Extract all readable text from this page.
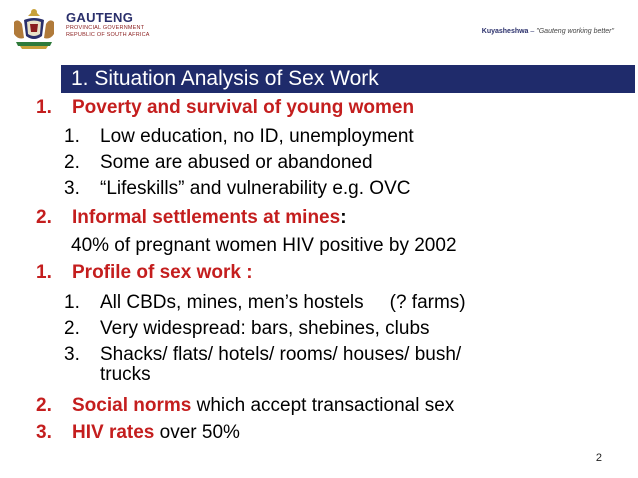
GAUTENG
PROVINCIAL GOVERNMENT
REPUBLIC OF SOUTH AFRICA	Kuyasheshwa – "Gauteng working better"
1. Situation Analysis of Sex Work
1. Poverty and survival of young women
1. Low education, no ID, unemployment
2. Some are abused or abandoned
3. “Lifeskills” and vulnerability e.g. OVC
2. Informal settlements at mines:
40% of pregnant women HIV positive by 2002
1. Profile of sex work :
1. All CBDs, mines, men’s hostels (? farms)
2. Very widespread: bars, shebines, clubs
3. Shacks/ flats/ hotels/ rooms/ houses/ bush/
trucks
2. Social norms which accept transactional sex
3. HIV rates over 50%
2
